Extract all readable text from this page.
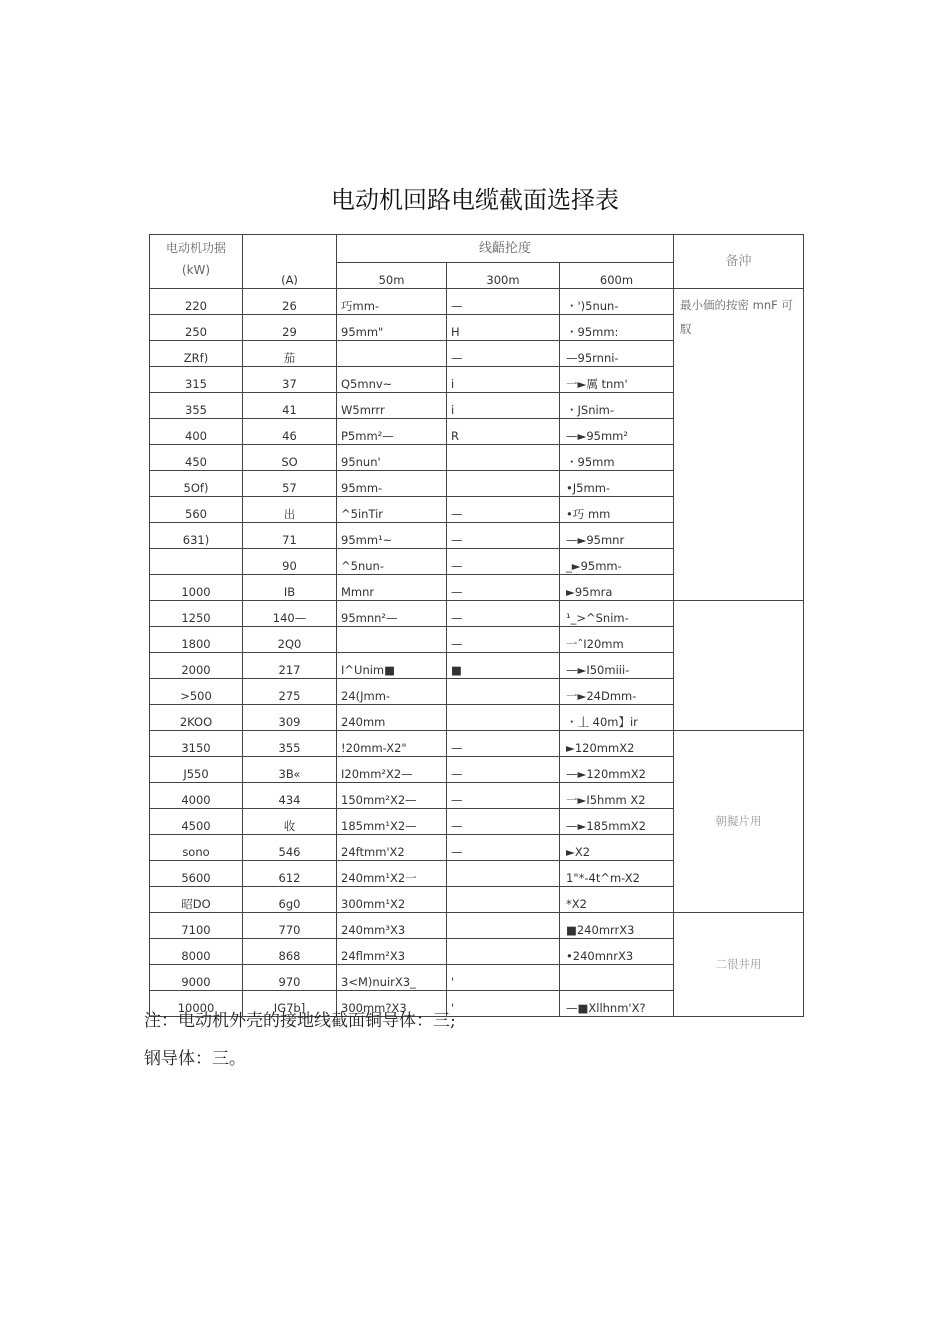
电动机回路电缆截面选择表
电动机功据
(kW)	(A)	线齬抡度			备沖
		50m	300m	600m	
220	26	巧mm-	—	・')5nun-	最小価的按密 mnF 可馭
250	29	95mm"	H	・95mm:	
ZRf)	茄		—	—95rnni-	
315	37	Q5mnv~	i	一►厲 tnm'	
355	41	W5mrrr	i	・JSnim-	
400	46	P5mm²—	R	—►95mm²	
450	SO	95nun'		・95mm	
5Of)	57	95mm-		•J5mm-	
560	出	^5inTir	—	•巧 mm	
631)	71	95mm¹~	—	—►95mnr	
	90	^5nun-	—	_►95mm-	
1000	IB	Mmnr	—	►95mra	
1250	140—	95mnn²—	—	¹_>^Snim-	
1800	2Q0		—	一ˆI20mm	
2000	217	I^Unim■	■	—►I50miii-	
>500	275	24(Jmm-		一►24Dmm-	
2KOO	309	240mm		・丄 40m】ir	
3150	355	!20mm-X2"	—	►120mmX2	朝擬片用
J550	3B«	I20mm²X2—	—	—►120mmX2	
4000	434	150mm²X2—	—	一►I5hmm X2	
4500	收	185mm¹X2—	—	—►185mmX2	
sono	546	24ftmm'X2	—	►X2	
5600	612	240mm¹X2一		1"*-4t^m-X2	
昭DO	6g0	300mm¹X2		*X2	
7100	770	240mm³X3		■240mrrX3	二很井用
8000	868	24flmm²X3		•240mnrX3	
9000	970	3<M)nuirX3_	'		
10000	IG7b]	300mm?X3	'	—■Xllhnm'X?	
注：电动机外壳的接地线截面铜导体：三;
钢导体：三。
